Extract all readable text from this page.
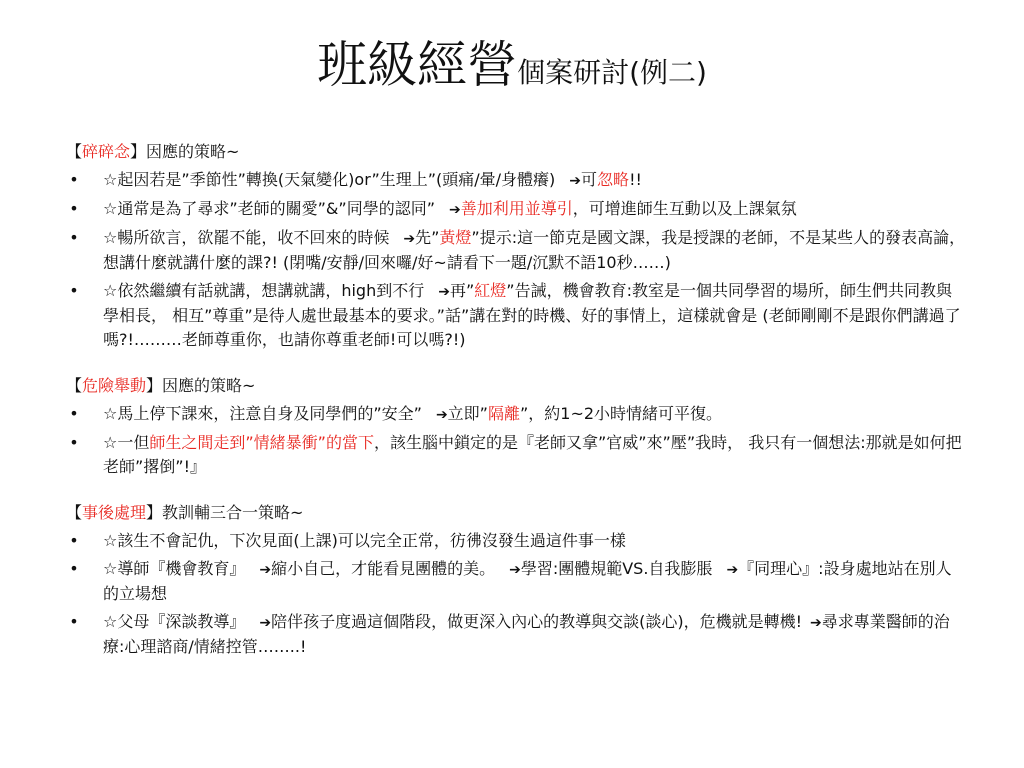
班級經營個案研討(例二)
【碎碎念】因應的策略~
• ☆起因若是”季節性”轉換(天氣變化)or”生理上”(頭痛/暈/身體癢) ➔可忽略!!
• ☆通常是為了尋求”老師的關愛”&”同學的認同” ➔善加利用並導引，可增進師生互動以及上課氣氛
• ☆暢所欲言，欲罷不能，收不回來的時候 ➔先”黃燈”提示:這一節克是國文課，我是授課的老師，不是某些人的發表高論， 想講什麼就講什麼的課?! (閉嘴/安靜/回來囉/好~請看下一題/沉默不語10秒……)
• ☆依然繼續有話就講，想講就講，high到不行 ➔再”紅燈”告誡，機會教育:教室是一個共同學習的場所，師生們共同教與學相長， 相互”尊重”是待人處世最基本的要求。”話”講在對的時機、好的事情上，這樣就會是 (老師剛剛不是跟你們講過了嗎?!………老師尊重你，也請你尊重老師!可以嗎?!)
【危險舉動】因應的策略~
• ☆馬上停下課來，注意自身及同學們的”安全” ➔立即”隔離”，約1~2小時情緒可平復。
• ☆一但師生之間走到”情緒暴衝”的當下，該生腦中鎖定的是『老師又拿”官威”來”壓”我時， 我只有一個想法:那就是如何把老師”撂倒”!』
【事後處理】教訓輔三合一策略~
• ☆該生不會記仇，下次見面(上課)可以完全正常，彷彿沒發生過這件事一樣
• ☆導師『機會教育』 ➔縮小自己，才能看見團體的美。 ➔學習:團體規範VS.自我膨脹 ➔『同理心』:設身處地站在別人的立場想
• ☆父母『深談教導』 ➔陪伴孩子度過這個階段，做更深入內心的教導與交談(談心)，危機就是轉機! ➔尋求專業醫師的治療:心理諮商/情緒控管……..!
